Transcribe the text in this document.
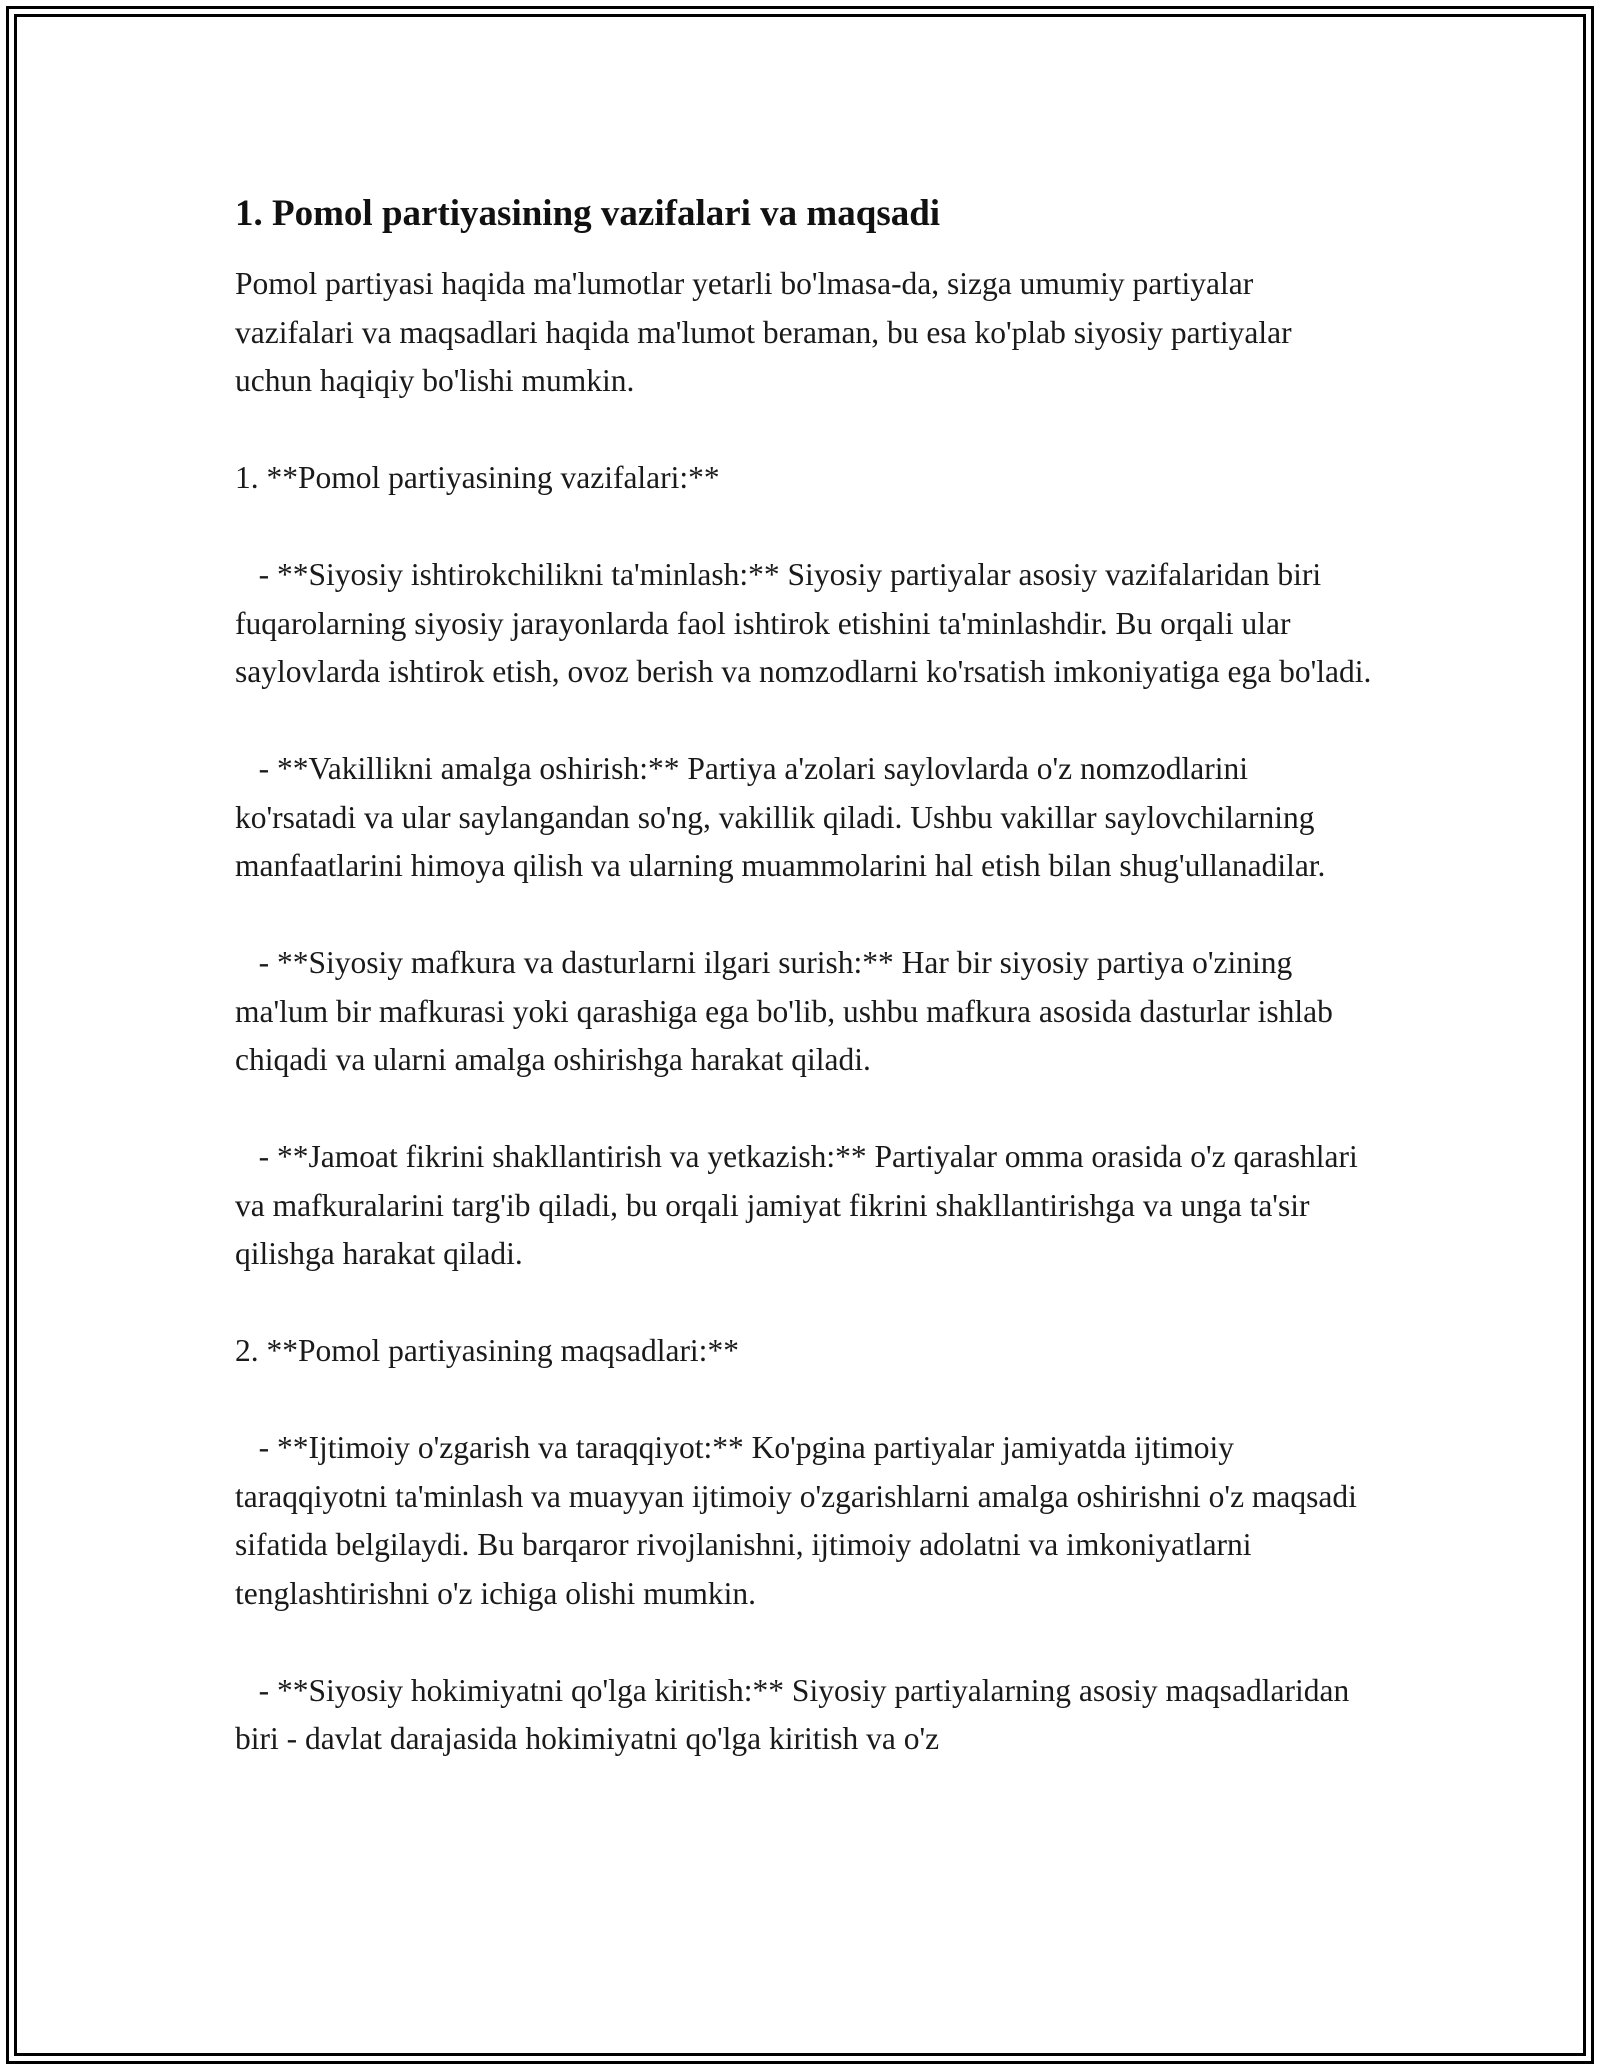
1. Pomol partiyasining vazifalari va maqsadi

Pomol partiyasi haqida ma'lumotlar yetarli bo'lmasa-da, sizga umumiy partiyalar vazifalari va maqsadlari haqida ma'lumot beraman, bu esa ko'plab siyosiy partiyalar uchun haqiqiy bo'lishi mumkin.

1. **Pomol partiyasining vazifalari:**

- **Siyosiy ishtirokchilikni ta'minlash:** Siyosiy partiyalar asosiy vazifalaridan biri fuqarolarning siyosiy jarayonlarda faol ishtirok etishini ta'minlashdir. Bu orqali ular saylovlarda ishtirok etish, ovoz berish va nomzodlarni ko'rsatish imkoniyatiga ega bo'ladi.

- **Vakillikni amalga oshirish:** Partiya a'zolari saylovlarda o'z nomzodlarini ko'rsatadi va ular saylangandan so'ng, vakillik qiladi. Ushbu vakillar saylovchilarning manfaatlarini himoya qilish va ularning muammolarini hal etish bilan shug'ullanadilar.

- **Siyosiy mafkura va dasturlarni ilgari surish:** Har bir siyosiy partiya o'zining ma'lum bir mafkurasi yoki qarashiga ega bo'lib, ushbu mafkura asosida dasturlar ishlab chiqadi va ularni amalga oshirishga harakat qiladi.

- **Jamoat fikrini shakllantirish va yetkazish:** Partiyalar omma orasida o'z qarashlari va mafkuralarini targ'ib qiladi, bu orqali jamiyat fikrini shakllantirishga va unga ta'sir qilishga harakat qiladi.

2. **Pomol partiyasining maqsadlari:**

- **Ijtimoiy o'zgarish va taraqqiyot:** Ko'pgina partiyalar jamiyatda ijtimoiy taraqqiyotni ta'minlash va muayyan ijtimoiy o'zgarishlarni amalga oshirishni o'z maqsadi sifatida belgilaydi. Bu barqaror rivojlanishni, ijtimoiy adolatni va imkoniyatlarni tenglashtirishni o'z ichiga olishi mumkin.

- **Siyosiy hokimiyatni qo'lga kiritish:** Siyosiy partiyalarning asosiy maqsadlaridan biri - davlat darajasida hokimiyatni qo'lga kiritish va o'z
